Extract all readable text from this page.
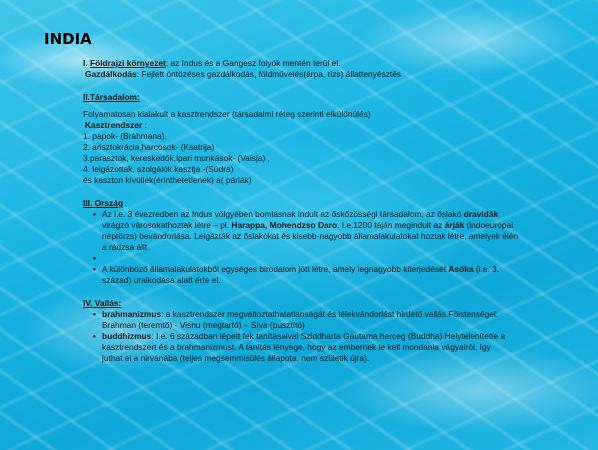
INDIA
I. Földrajzi környezet: az Indus és a Gangesz folyók mentén terül el.
Gazdálkodás: Fejlett öntözéses gazdálkodás, földművelés(árpa, rizs) állattenyésztés
II.Társadalom:
Folyamatosan kialakult a kasztrendszer (társadalmi réteg szerinti elkülönülés)
Kasztrendszer :
1. papok- (Bráhmana),
2. arisztokrácia,harcosok- (Ksatrija)
3.parasztok, kereskedők,ipari munkások- (Vaisja) ,
4. leigázottak, szolgálók kasztja -(Súdra)
és kaszton kívüliek(érinthetetlenek) a( páriák)
III. Ország
• Az i.e. 3 évezredben az Indus völgyében bomlásnak indult az őskőzösségi társadalom, az őslakó dravidák virágzó városokathoztak létre – pl. Harappa, Mohendzso Daro. I.e.1200 táján megindult az árják (indoeurópai néptörzs) bevándorlása. Leigázták az őslakókat és kisebb-nagyobb államalakulatokat hoztak létre, amelyek élén a rádzsa állt.
•
• A különböző államalakulatokból egységes birodalom jött létre, amely legnagyobb kiterjedését Asóka (i.e. 3. század) uralkodása alatt érte el.
IV. Vallás:
• brahmanizmus: a kasztrendszer megváltoztathatatlanságát és lélekvándorlást hirdető vallás.Főistenségei: Brahman (teremtő) - Visnu (megtartó) – Síva (pusztító)
• buddhizmus: I.e. 6 században lépett fek tanításaival Sziddharta Gautama herceg (Buddha).Helytelenítette a kasztrendszert és a brahmanizmust. A tanítás lényege, hogy az embernek le kell mondania vágyairól, így juthat el a nirvánába (teljes megsemmisülés állapota, nem születik újra).
